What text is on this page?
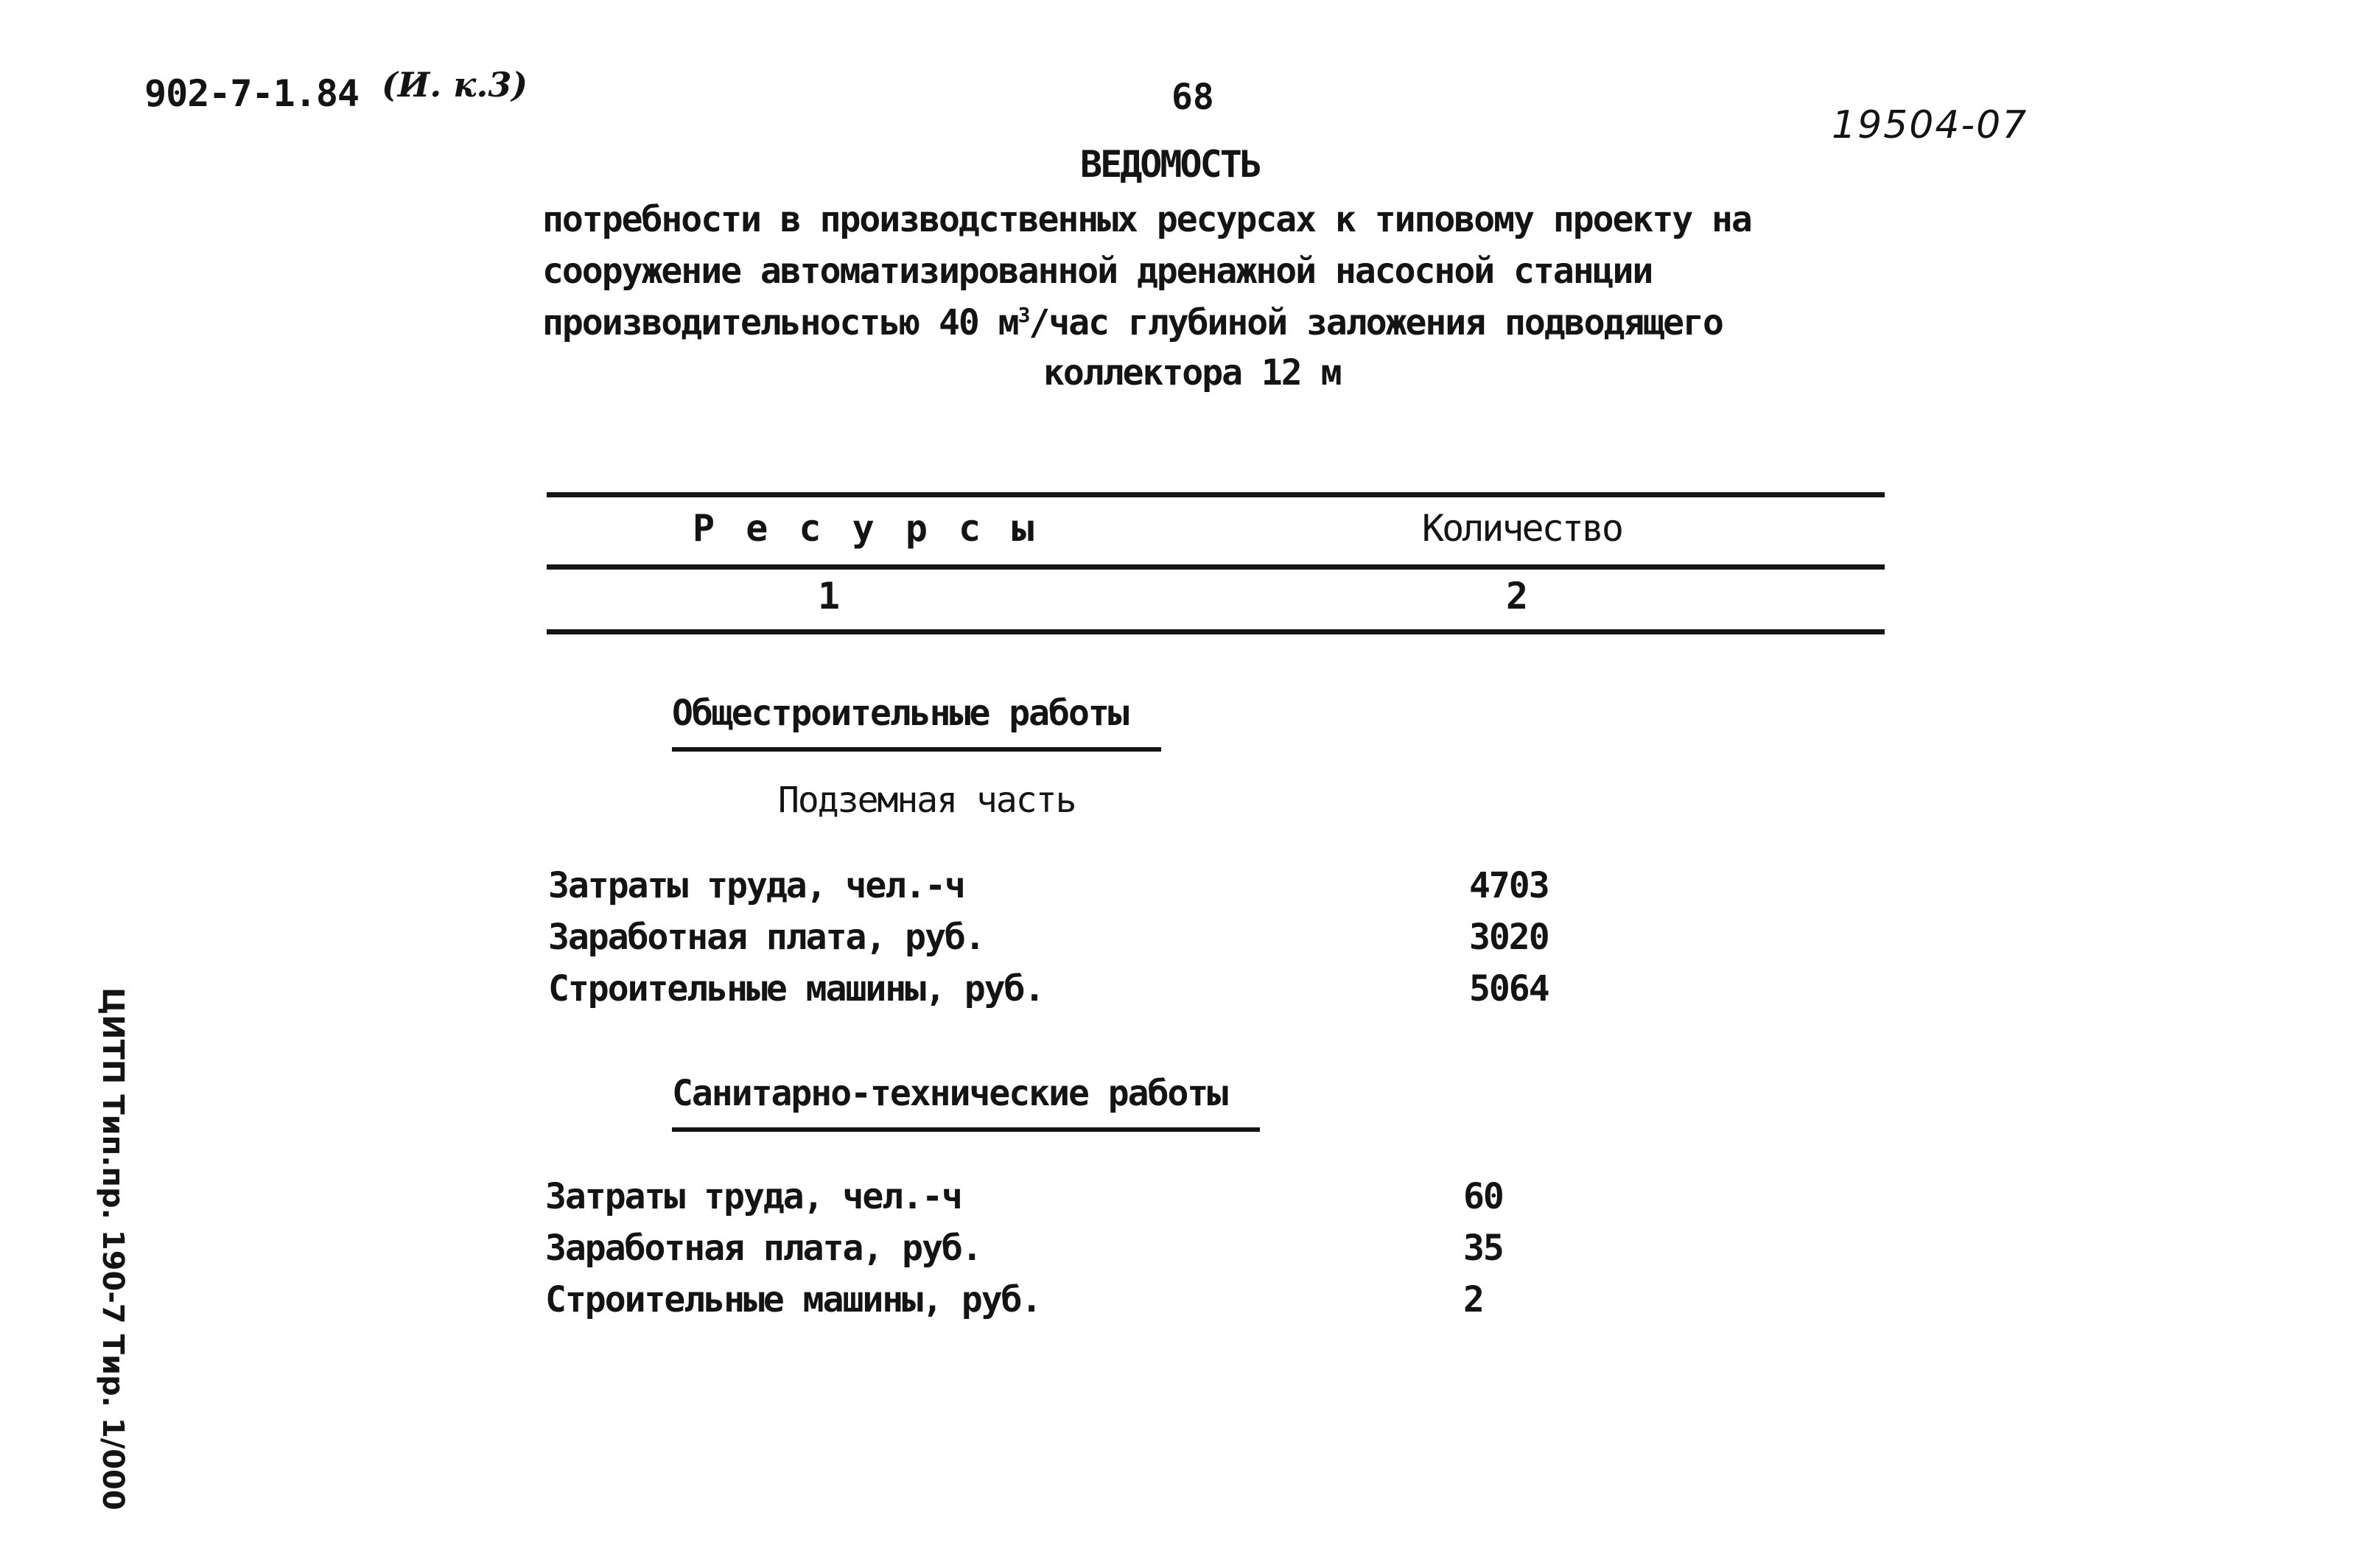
902-7-1.84 (И. к.3)	68
19504-07
ВЕДОМОСТЬ
потребности в производственных ресурсах к типовому проекту на
сооружение автоматизированной дренажной насосной станции
производительностью 40 $м^3$/час глубиной заложения подводящего
коллектора 12 м
Р е с у р с ы	Количество
1	2
Общестроительные работы
Подземная часть
Затраты труда, чел.-ч	4703
Заработная плата, руб.	3020
Строительные машины, руб.	5064
Санитарно-технические работы
Затраты труда, чел.-ч	60
Заработная плата, руб.	35
Строительные машины, руб.	2
ЦИТП Тип.пр. 190-7 Тир. 1/000
